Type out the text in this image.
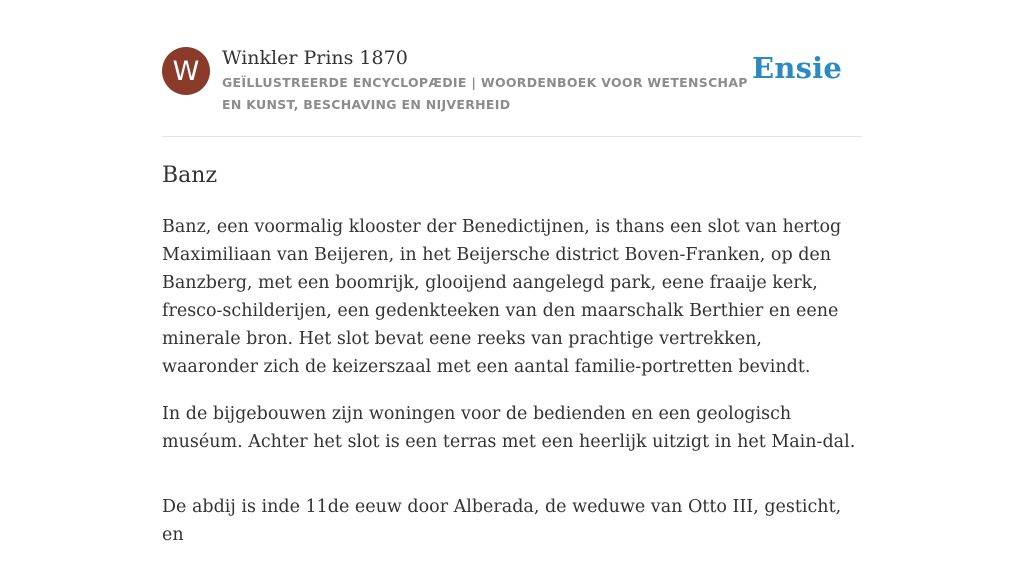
W	Winkler Prins 1870
GEÏLLUSTREERDE ENCYCLOPÆDIE | WOORDENBOEK VOOR WETENSCHAP EN KUNST, BESCHAVING EN NIJVERHEID
Ensie
Banz

Banz, een voormalig klooster der Benedictijnen, is thans een slot van hertog Maximiliaan van Beijeren, in het Beijersche district Boven-Franken, op den Banzberg, met een boomrijk, glooijend aangelegd park, eene fraaije kerk, fresco-schilderijen, een gedenkteeken van den maarschalk Berthier en eene minerale bron. Het slot bevat eene reeks van prachtige vertrekken, waaronder zich de keizerszaal met een aantal familie-portretten bevindt.

In de bijgebouwen zijn woningen voor de bedienden en een geologisch muséum. Achter het slot is een terras met een heerlijk uitzigt in het Main-dal.

De abdij is inde 11de eeuw door Alberada, de weduwe van Otto III, gesticht, en
